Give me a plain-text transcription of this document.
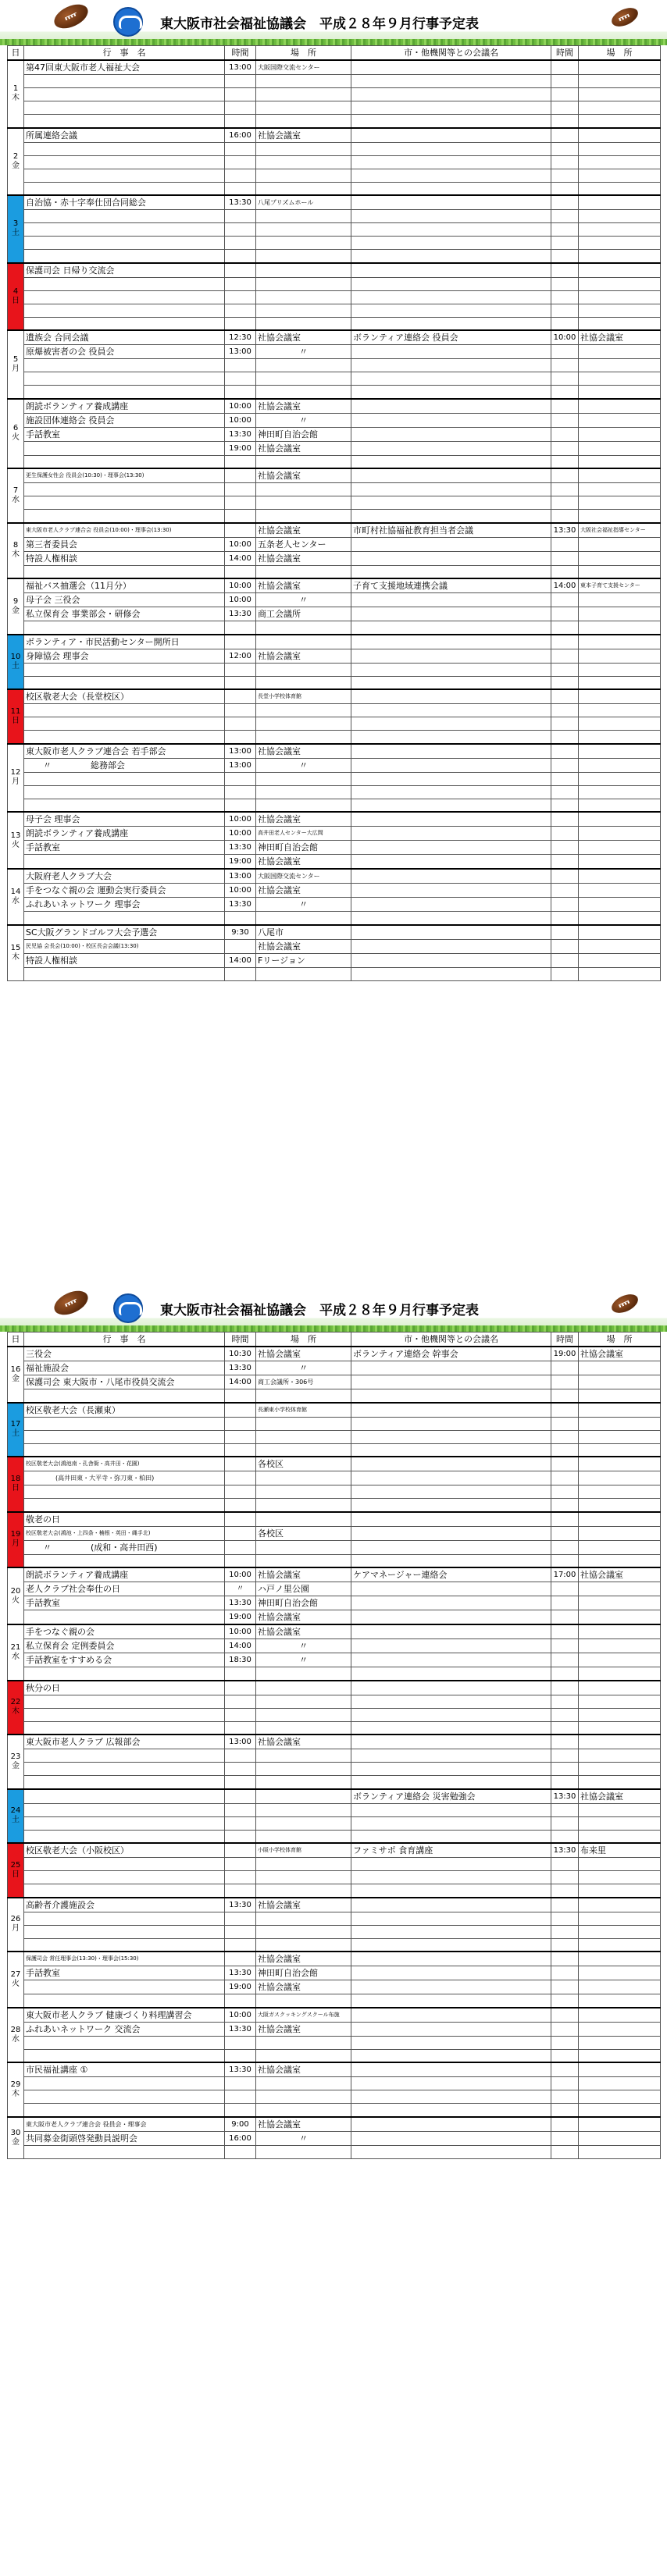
東大阪市社会福祉協議会　平成２８年９月行事予定表
日	行　事　名	時間	場　所	市・他機関等との会議名	時間	場　所

1
木	第47回東大阪市老人福祉大会	13:00	大阪国際交流センター			

2
金	所属連絡会議	16:00	社協会議室			

3
土	自治協・赤十字奉仕団合同総会	13:30	八尾プリズムホール			

4
日	保護司会 日帰り交流会					

5
月	遺族会 合同会議	12:30	社協会議室	ボランティア連絡会 役員会	10:00	社協会議室
	原爆被害者の会 役員会	13:00	〃			

6
火	朗読ボランティア養成講座	10:00	社協会議室			
	施設団体連絡会 役員会	10:00	〃			
	手話教室	13:30	神田町自治会館			
		19:00	社協会議室			

7
水	更生保護女性会 役員会(10:30)・理事会(13:30)		社協会議室			

8
木	東大阪市老人クラブ連合会 役員会(10:00)・理事会(13:30)		社協会議室	市町村社協福祉教育担当者会議	13:30	大阪社会福祉指導センター
	第三者委員会	10:00	五条老人センター			
	特設人権相談	14:00	社協会議室			

9
金	福祉バス抽選会（11月分）	10:00	社協会議室	子育て支援地域連携会議	14:00	東本子育て支援センター
	母子会 三役会	10:00	〃			
	私立保育会 事業部会・研修会	13:30	商工会議所			

10
土	ボランティア・市民活動センター開所日					
	身障協会 理事会	12:00	社協会議室			

11
日	校区敬老大会（長堂校区）		長堂小学校体育館			

12
月	東大阪市老人クラブ連合会 若手部会	13:00	社協会議室			
	〃 総務部会	13:00	〃			

13
火	母子会 理事会	10:00	社協会議室			
	朗読ボランティア養成講座	10:00	高井田老人センター大広間			
	手話教室	13:30	神田町自治会館			
		19:00	社協会議室			

14
水	大阪府老人クラブ大会	13:00	大阪国際交流センター			
	手をつなぐ親の会 運動会実行委員会	10:00	社協会議室			
	ふれあいネットワーク 理事会	13:30	〃			

15
木	SC大阪グランドゴルフ大会予選会	9:30	八尾市			
	民児協 会長会(10:00)・校区長会会議(13:30)		社協会議室			
	特設人権相談	14:00	Fリージョン			

東大阪市社会福祉協議会　平成２８年９月行事予定表
日	行　事　名	時間	場　所	市・他機関等との会議名	時間	場　所

16
金	三役会	10:30	社協会議室	ボランティア連絡会 幹事会	19:00	社協会議室
	福祉施設会	13:30	〃			
	保護司会 東大阪市・八尾市役員交流会	14:00	商工会議所・306号			

17
土	校区敬老大会（長瀬東）		長瀬東小学校体育館			

18
日	校区敬老大会(鴻池南・孔舎衙・高井田・花園)		各校区			
	(高井田東・大平寺・弥刀東・柏田)					

19
月	敬老の日					
	校区敬老大会(鴻池・上四条・楠根・英田・縄手北)		各校区			
	〃 (成和・高井田西)					

20
火	朗読ボランティア養成講座	10:00	社協会議室	ケアマネージャー連絡会	17:00	社協会議室
	老人クラブ社会奉仕の日	〃	ハ戸ノ里公園			
	手話教室	13:30	神田町自治会館			
		19:00	社協会議室			

21
水	手をつなぐ親の会	10:00	社協会議室			
	私立保育会 定例委員会	14:00	〃			
	手話教室をすすめる会	18:30	〃			

22
木	秋分の日					

23
金	東大阪市老人クラブ 広報部会	13:00	社協会議室			

24
土				ボランティア連絡会 災害勉強会	13:30	社協会議室

25
日	校区敬老大会（小阪校区）		小阪小学校体育館	ファミサポ 食育講座	13:30	布来里

26
月	高齢者介護施設会	13:30	社協会議室			

27
火	保護司会 常任理事会(13:30)・理事会(15:30)		社協会議室			
	手話教室	13:30	神田町自治会館			
		19:00	社協会議室			

28
水	東大阪市老人クラブ 健康づくり料理講習会	10:00	大阪ガスクッキングスクール布施			
	ふれあいネットワーク 交流会	13:30	社協会議室			

29
木	市民福祉講座 ①	13:30	社協会議室			

30
金	東大阪市老人クラブ連合会 役員会・理事会	9:00	社協会議室			
	共同募金街頭啓発動員説明会	16:00	〃			
